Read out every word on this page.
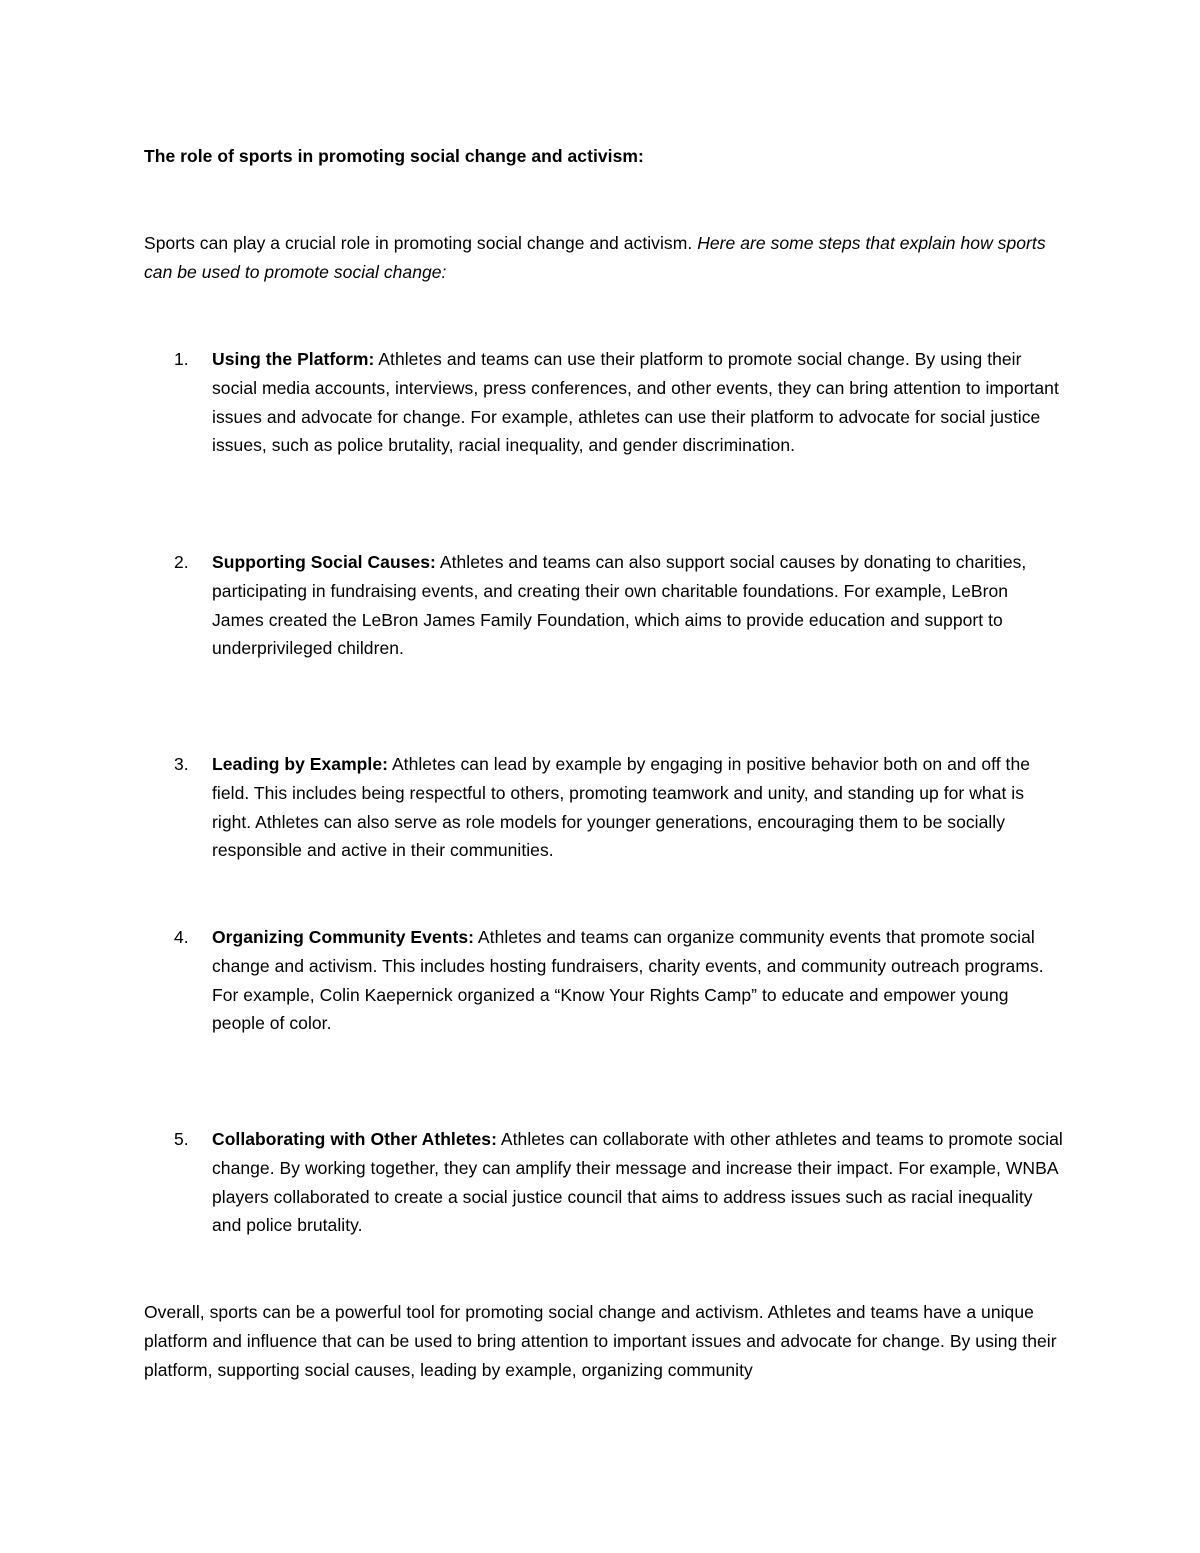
The role of sports in promoting social change and activism:
Sports can play a crucial role in promoting social change and activism. Here are some steps that explain how sports can be used to promote social change:
1.	Using the Platform: Athletes and teams can use their platform to promote social change. By using their social media accounts, interviews, press conferences, and other events, they can bring attention to important issues and advocate for change. For example, athletes can use their platform to advocate for social justice issues, such as police brutality, racial inequality, and gender discrimination.
2.	Supporting Social Causes: Athletes and teams can also support social causes by donating to charities, participating in fundraising events, and creating their own charitable foundations. For example, LeBron James created the LeBron James Family Foundation, which aims to provide education and support to underprivileged children.
3.	Leading by Example: Athletes can lead by example by engaging in positive behavior both on and off the field. This includes being respectful to others, promoting teamwork and unity, and standing up for what is right. Athletes can also serve as role models for younger generations, encouraging them to be socially responsible and active in their communities.
4.	Organizing Community Events: Athletes and teams can organize community events that promote social change and activism. This includes hosting fundraisers, charity events, and community outreach programs. For example, Colin Kaepernick organized a “Know Your Rights Camp” to educate and empower young people of color.
5.	Collaborating with Other Athletes: Athletes can collaborate with other athletes and teams to promote social change. By working together, they can amplify their message and increase their impact. For example, WNBA players collaborated to create a social justice council that aims to address issues such as racial inequality and police brutality.
Overall, sports can be a powerful tool for promoting social change and activism. Athletes and teams have a unique platform and influence that can be used to bring attention to important issues and advocate for change. By using their platform, supporting social causes, leading by example, organizing community
